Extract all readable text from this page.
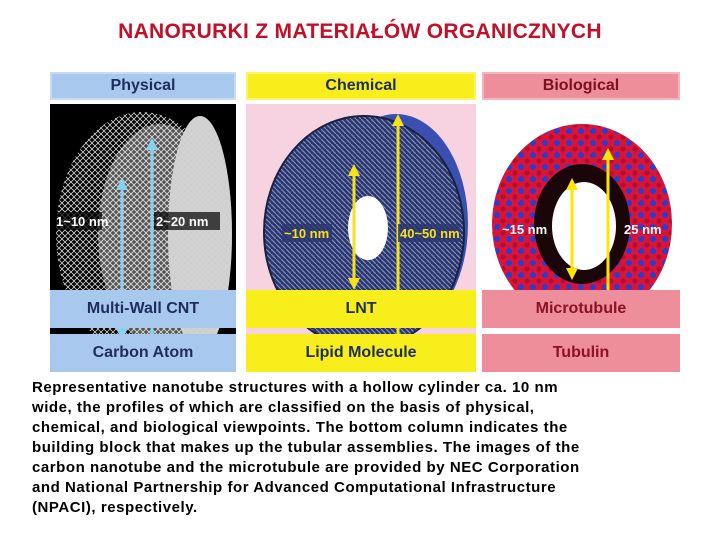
NANORURKI Z MATERIAŁÓW ORGANICZNYCH
Physical	Chemical	Biological
1~10 nm	2~20 nm
~10 nm	40~50 nm	~15 nm	25 nm
Multi-Wall CNT	LNT	Microtubule
Carbon Atom	Lipid Molecule	Tubulin
Representative nanotube structures with a hollow cylinder ca. 10 nm
wide, the profiles of which are classified on the basis of physical,
chemical, and biological viewpoints. The bottom column indicates the
building block that makes up the tubular assemblies. The images of the
carbon nanotube and the microtubule are provided by NEC Corporation
and National Partnership for Advanced Computational Infrastructure
(NPACI), respectively.
